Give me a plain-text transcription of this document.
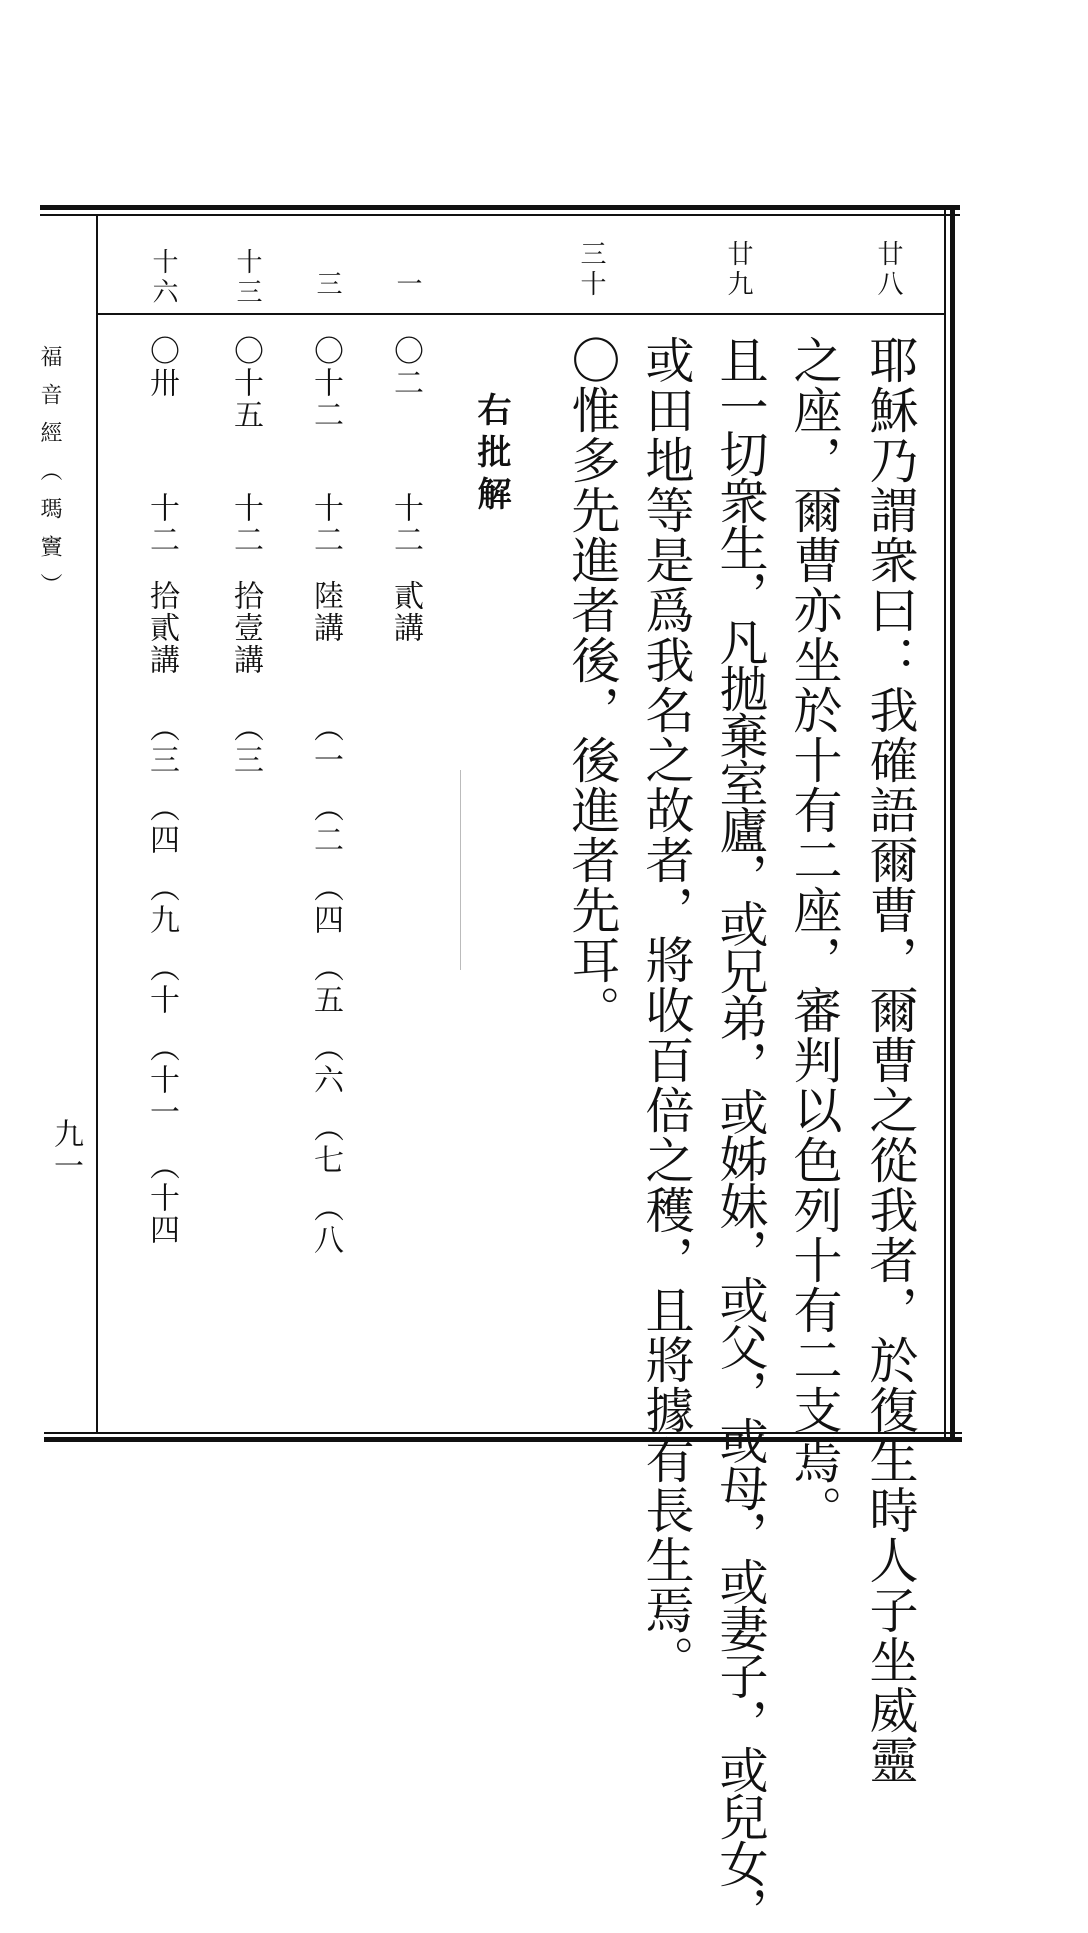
福音經（瑪竇）
九一
廿八
耶穌乃謂衆曰：我確語爾曹，爾曹之從我者，於復生時人子坐威靈
之座，爾曹亦坐於十有二座，審判以色列十有二支焉。
廿九
且一切衆生，凡拋棄室廬，或兄弟，或姊妹，或父，或母，或妻子，或兒女，
或田地等是爲我名之故者，將收百倍之穫，且將據有長生焉。
三十
〇惟多先進者後，後進者先耳。
右批解
一
〇二
十二
貳講
三
〇十二
十二
陸講
（一
（二
（四
（五
（六
（七
（八
十三
〇十五
十二
拾壹講
（三
十六
〇卅
十二
拾貳講
（三
（四
（九
（十
（十一
（十四
